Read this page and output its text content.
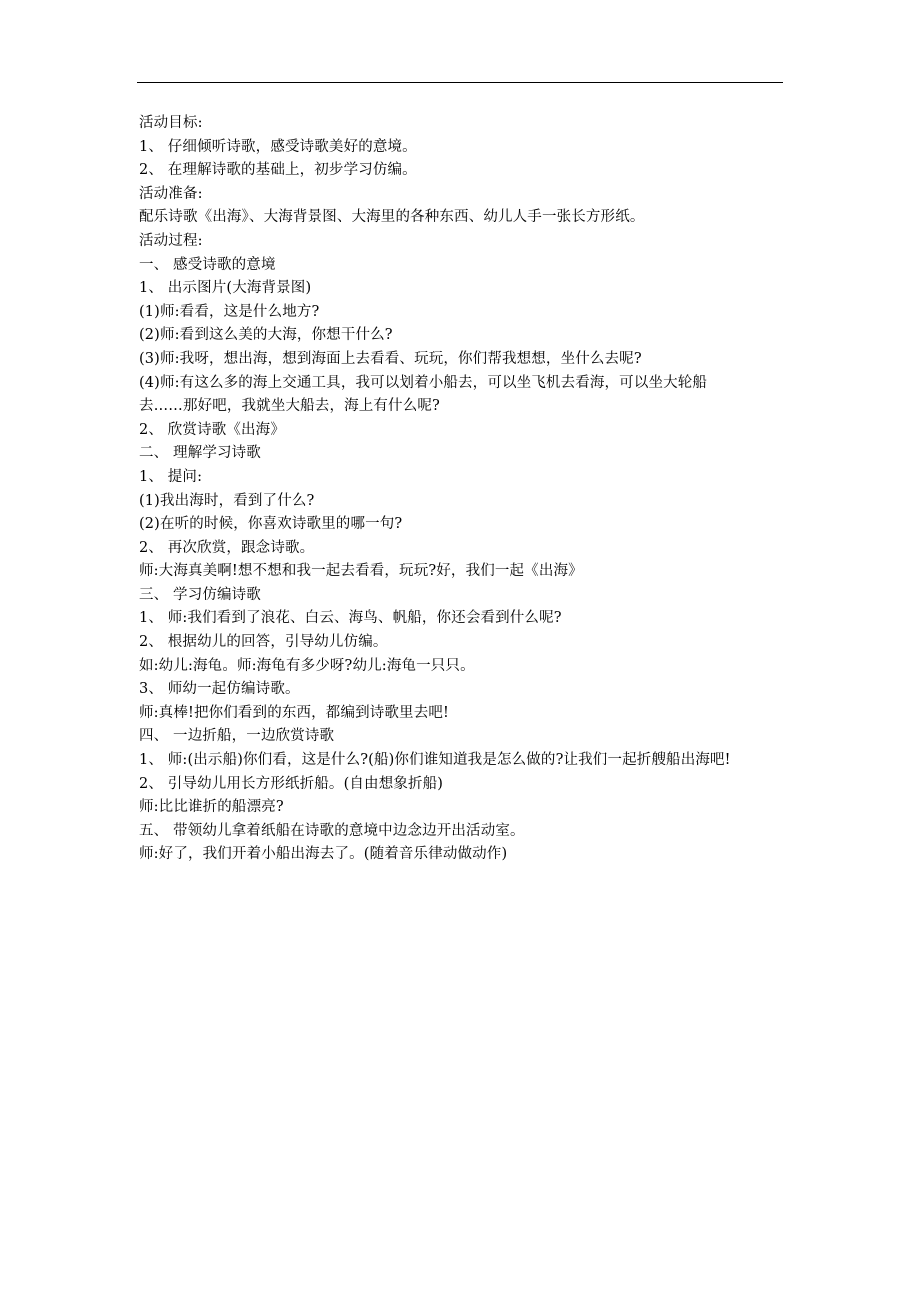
活动目标:
1、 仔细倾听诗歌，感受诗歌美好的意境。
2、 在理解诗歌的基础上，初步学习仿编。
活动准备:
配乐诗歌《出海》、大海背景图、大海里的各种东西、幼儿人手一张长方形纸。
活动过程:
一、 感受诗歌的意境
1、 出示图片(大海背景图)
(1)师:看看，这是什么地方?
(2)师:看到这么美的大海，你想干什么?
(3)师:我呀，想出海，想到海面上去看看、玩玩，你们帮我想想，坐什么去呢?
(4)师:有这么多的海上交通工具，我可以划着小船去，可以坐飞机去看海，可以坐大轮船
去……那好吧，我就坐大船去，海上有什么呢?
2、 欣赏诗歌《出海》
二、 理解学习诗歌
1、 提问:
(1)我出海时，看到了什么?
(2)在听的时候，你喜欢诗歌里的哪一句?
2、 再次欣赏，跟念诗歌。
师:大海真美啊!想不想和我一起去看看，玩玩?好，我们一起《出海》
三、 学习仿编诗歌
1、 师:我们看到了浪花、白云、海鸟、帆船，你还会看到什么呢?
2、 根据幼儿的回答，引导幼儿仿编。
如:幼儿:海龟。师:海龟有多少呀?幼儿:海龟一只只。
3、 师幼一起仿编诗歌。
师:真棒!把你们看到的东西，都编到诗歌里去吧!
四、 一边折船，一边欣赏诗歌
1、 师:(出示船)你们看，这是什么?(船)你们谁知道我是怎么做的?让我们一起折艘船出海吧!
2、 引导幼儿用长方形纸折船。(自由想象折船)
师:比比谁折的船漂亮?
五、 带领幼儿拿着纸船在诗歌的意境中边念边开出活动室。
师:好了，我们开着小船出海去了。(随着音乐律动做动作)
